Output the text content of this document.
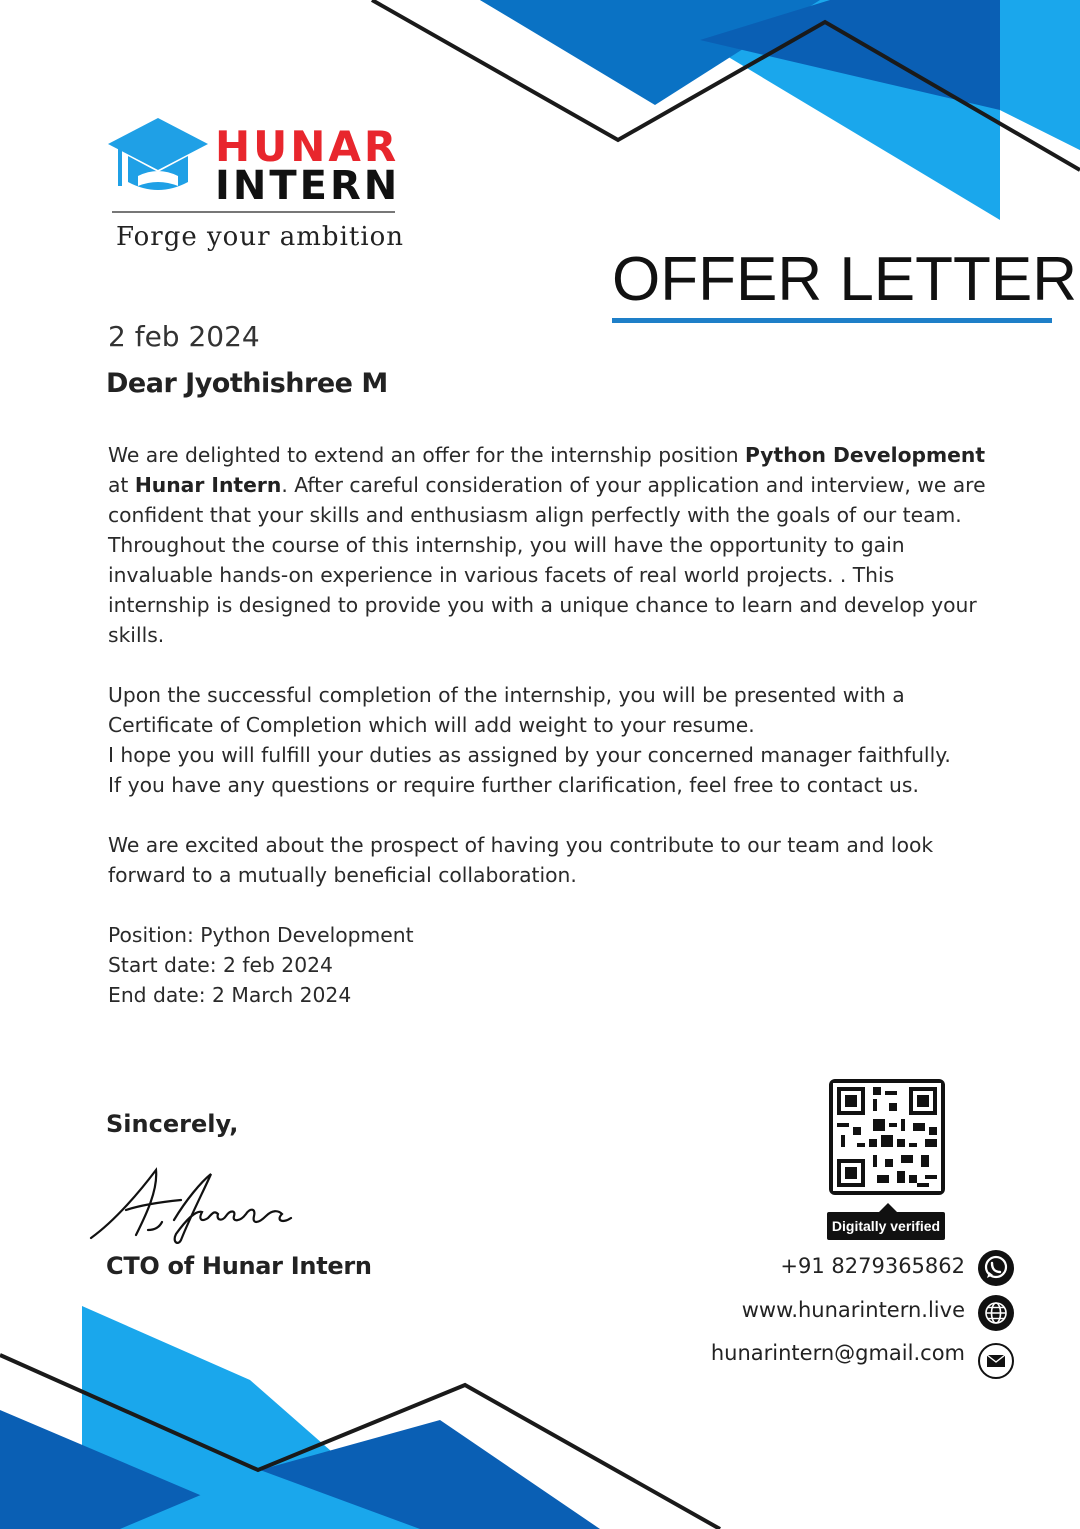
HUNAR
INTERN
Forge your ambition
OFFER LETTER
2 feb 2024
Dear Jyothishree M

We are delighted to extend an offer for the internship position Python Development

at Hunar Intern. After careful consideration of your application and interview, we are

confident that your skills and enthusiasm align perfectly with the goals of our team.

Throughout the course of this internship, you will have the opportunity to gain

invaluable hands-on experience in various facets of real world projects. . This

internship is designed to provide you with a unique chance to learn and develop your

skills.

Upon the successful completion of the internship, you will be presented with a

Certificate of Completion which will add weight to your resume.

I hope you will fulfill your duties as assigned by your concerned manager faithfully.

If you have any questions or require further clarification, feel free to contact us.

We are excited about the prospect of having you contribute to our team and look

forward to a mutually beneficial collaboration.

Position: Python Development

Start date: 2 feb 2024

End date: 2 March 2024

Sincerely,
CTO of Hunar Intern
Digitally verified
+91 8279365862
www.hunarintern.live
hunarintern@gmail.com
